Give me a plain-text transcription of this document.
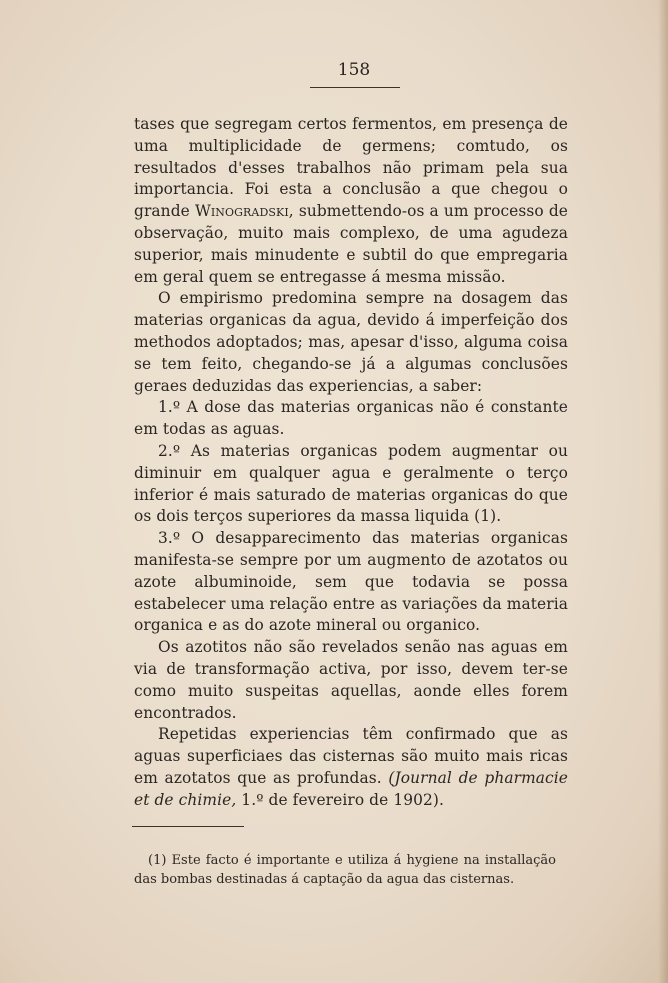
158

tases que segregam certos fermentos, em presença de uma multiplicidade de germens; comtudo, os resultados d'esses trabalhos não primam pela sua importancia. Foi esta a conclusão a que chegou o grande Winogradski, submettendo-os a um processo de observação, muito mais complexo, de uma agudeza superior, mais minudente e subtil do que empregaria em geral quem se entregasse á mesma missão.

O empirismo predomina sempre na dosagem das materias organicas da agua, devido á imperfeição dos methodos adoptados; mas, apesar d'isso, alguma coisa se tem feito, chegando-se já a algumas conclusões geraes deduzidas das experiencias, a saber:

1.º A dose das materias organicas não é constante em todas as aguas.

2.º As materias organicas podem augmentar ou diminuir em qualquer agua e geralmente o terço inferior é mais saturado de materias organicas do que os dois terços superiores da massa liquida (1).

3.º O desapparecimento das materias organicas manifesta-se sempre por um augmento de azotatos ou azote albuminoide, sem que todavia se possa estabelecer uma relação entre as variações da materia organica e as do azote mineral ou organico.

Os azotitos não são revelados senão nas aguas em via de transformação activa, por isso, devem ter-se como muito suspeitas aquellas, aonde elles forem encontrados.

Repetidas experiencias têm confirmado que as aguas superficiaes das cisternas são muito mais ricas em azotatos que as profundas. (Journal de pharmacie et de chimie, 1.º de fevereiro de 1902).

(1) Este facto é importante e utiliza á hygiene na installação das bombas destinadas á captação da agua das cisternas.
